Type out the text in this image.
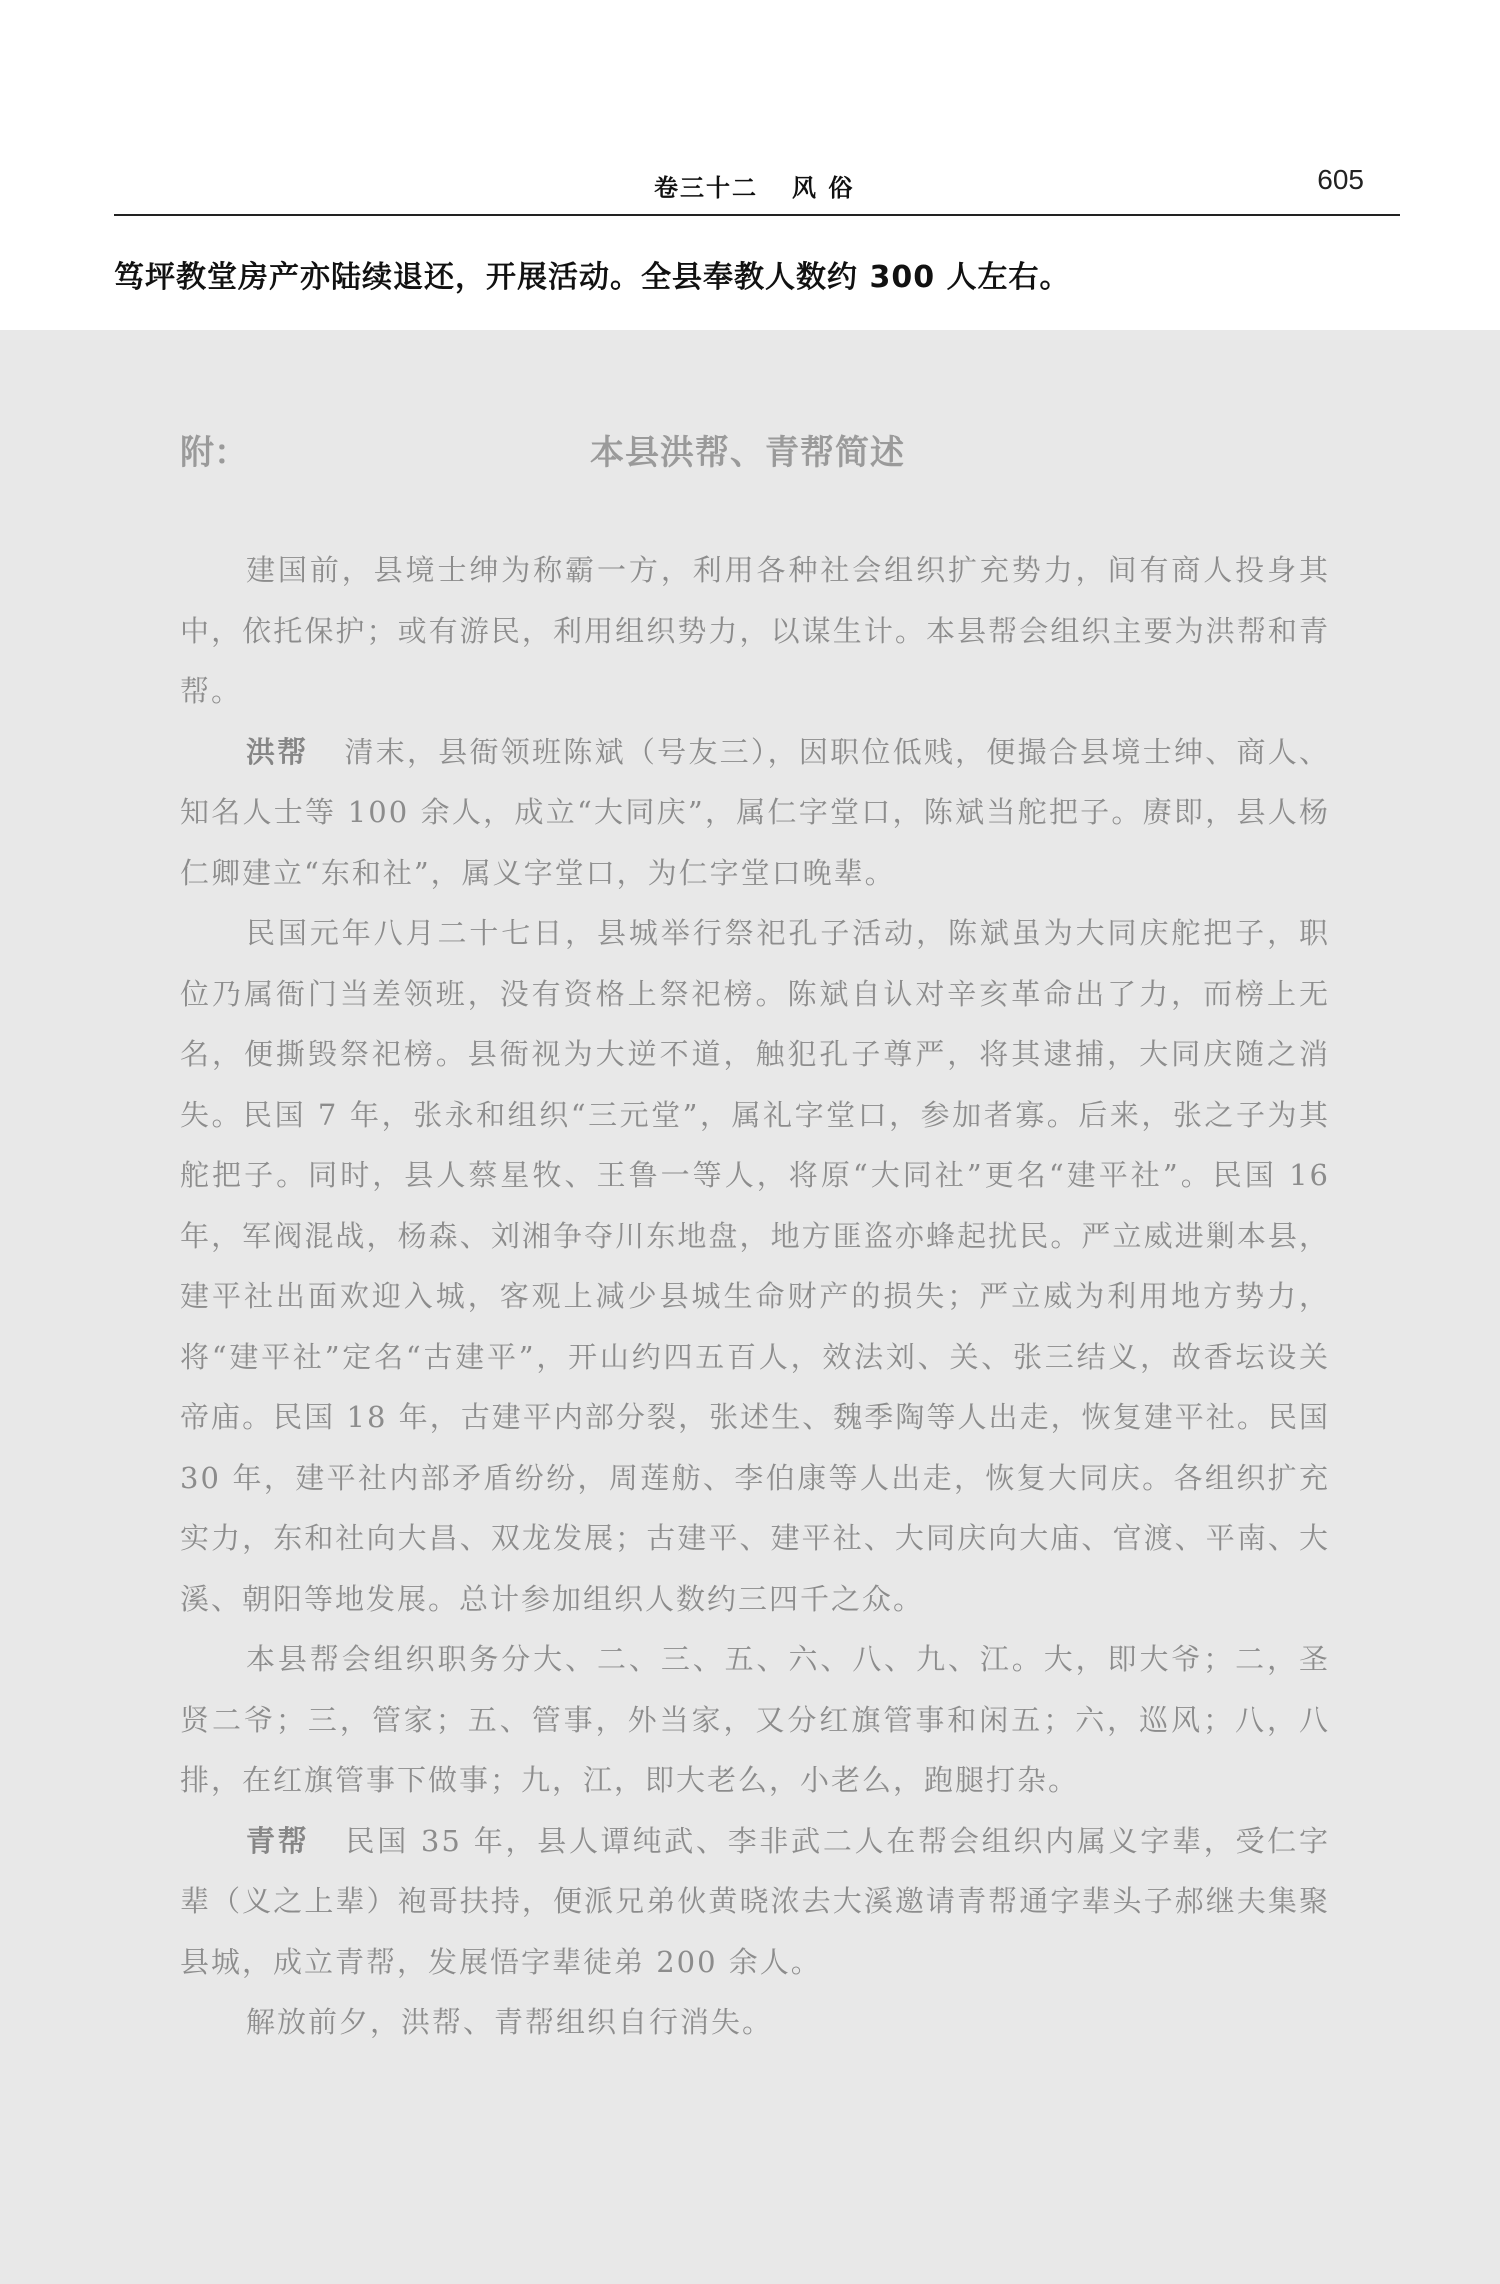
卷三十二 风 俗	605
笃坪教堂房产亦陆续退还，开展活动。全县奉教人数约 300 人左右。
附：	本县洪帮、青帮简述

建国前，县境士绅为称霸一方，利用各种社会组织扩充势力，间有商人投身其中，依托保护；或有游民，利用组织势力，以谋生计。本县帮会组织主要为洪帮和青帮。

洪帮 清末，县衙领班陈斌（号友三），因职位低贱，便撮合县境士绅、商人、知名人士等 100 余人，成立“大同庆”，属仁字堂口，陈斌当舵把子。赓即，县人杨仁卿建立“东和社”，属义字堂口，为仁字堂口晚辈。

民国元年八月二十七日，县城举行祭祀孔子活动，陈斌虽为大同庆舵把子，职位乃属衙门当差领班，没有资格上祭祀榜。陈斌自认对辛亥革命出了力，而榜上无名，便撕毁祭祀榜。县衙视为大逆不道，触犯孔子尊严，将其逮捕，大同庆随之消失。民国 7 年，张永和组织“三元堂”，属礼字堂口，参加者寡。后来，张之子为其舵把子。同时，县人蔡星牧、王鲁一等人，将原“大同社”更名“建平社”。民国 16 年，军阀混战，杨森、刘湘争夺川东地盘，地方匪盗亦蜂起扰民。严立威进剿本县，建平社出面欢迎入城，客观上减少县城生命财产的损失；严立威为利用地方势力，将“建平社”定名“古建平”，开山约四五百人，效法刘、关、张三结义，故香坛设关帝庙。民国 18 年，古建平内部分裂，张述生、魏季陶等人出走，恢复建平社。民国 30 年，建平社内部矛盾纷纷，周莲舫、李伯康等人出走，恢复大同庆。各组织扩充实力，东和社向大昌、双龙发展；古建平、建平社、大同庆向大庙、官渡、平南、大溪、朝阳等地发展。总计参加组织人数约三四千之众。

本县帮会组织职务分大、二、三、五、六、八、九、江。大，即大爷；二，圣贤二爷；三，管家；五、管事，外当家，又分红旗管事和闲五；六，巡风；八，八排，在红旗管事下做事；九，江，即大老么，小老么，跑腿打杂。

青帮 民国 35 年，县人谭纯武、李非武二人在帮会组织内属义字辈，受仁字辈（义之上辈）袍哥扶持，便派兄弟伙黄晓浓去大溪邀请青帮通字辈头子郝继夫集聚县城，成立青帮，发展悟字辈徒弟 200 余人。

解放前夕，洪帮、青帮组织自行消失。
